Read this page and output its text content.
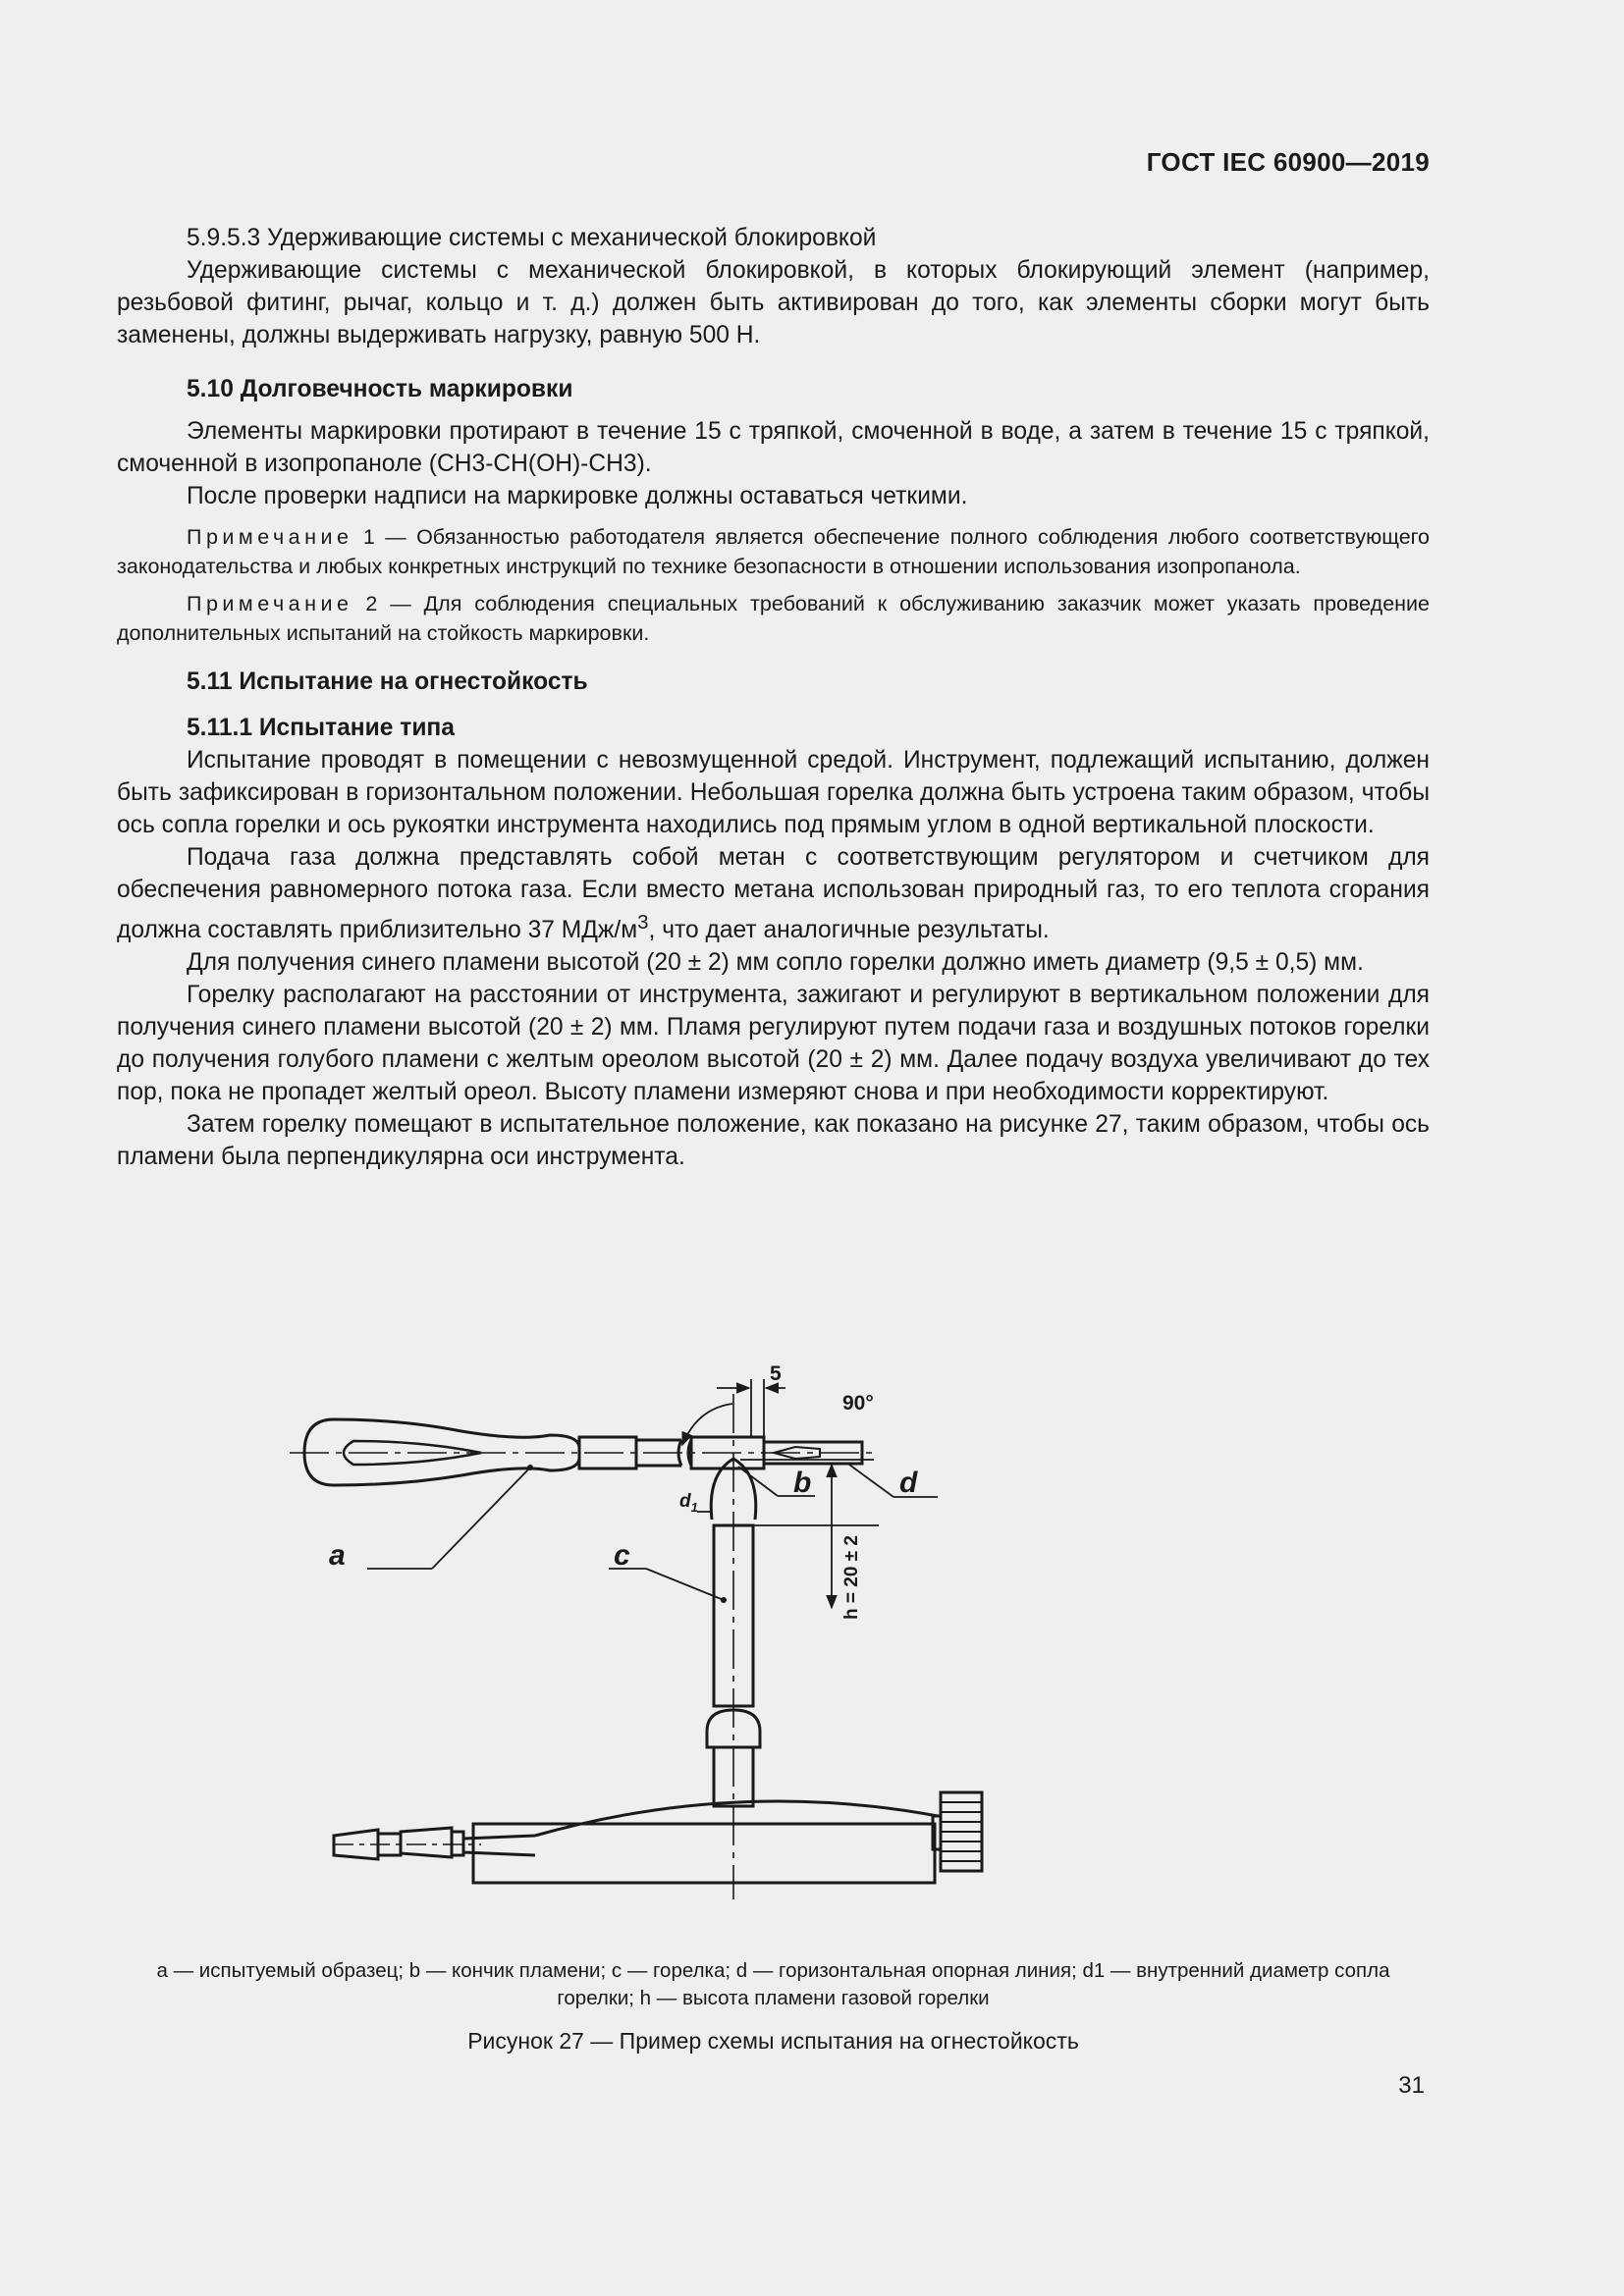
ГОСТ IEC 60900—2019

5.9.5.3 Удерживающие системы с механической блокировкой

Удерживающие системы с механической блокировкой, в которых блокирующий элемент (например, резьбовой фитинг, рычаг, кольцо и т. д.) должен быть активирован до того, как элементы сборки могут быть заменены, должны выдерживать нагрузку, равную 500 Н.

5.10 Долговечность маркировки

Элементы маркировки протирают в течение 15 с тряпкой, смоченной в воде, а затем в течение 15 с тряпкой, смоченной в изопропаноле (СН3-СН(ОН)-СН3).

После проверки надписи на маркировке должны оставаться четкими.

Примечание 1 — Обязанностью работодателя является обеспечение полного соблюдения любого соответствующего законодательства и любых конкретных инструкций по технике безопасности в отношении использования изопропанола.

Примечание 2 — Для соблюдения специальных требований к обслуживанию заказчик может указать проведение дополнительных испытаний на стойкость маркировки.

5.11 Испытание на огнестойкость

5.11.1 Испытание типа

Испытание проводят в помещении с невозмущенной средой. Инструмент, подлежащий испытанию, должен быть зафиксирован в горизонтальном положении. Небольшая горелка должна быть устроена таким образом, чтобы ось сопла горелки и ось рукоятки инструмента находились под прямым углом в одной вертикальной плоскости.

Подача газа должна представлять собой метан с соответствующим регулятором и счетчиком для обеспечения равномерного потока газа. Если вместо метана использован природный газ, то его теплота сгорания должна составлять приблизительно 37 МДж/$м^3$, что дает аналогичные результаты.

Для получения синего пламени высотой (20 ± 2) мм сопло горелки должно иметь диаметр (9,5 ± 0,5) мм.

Горелку располагают на расстоянии от инструмента, зажигают и регулируют в вертикальном положении для получения синего пламени высотой (20 ± 2) мм. Пламя регулируют путем подачи газа и воздушных потоков горелки до получения голубого пламени с желтым ореолом высотой (20 ± 2) мм. Далее подачу воздуха увеличивают до тех пор, пока не пропадет желтый ореол. Высоту пламени измеряют снова и при необходимости корректируют.

Затем горелку помещают в испытательное положение, как показано на рисунке 27, таким образом, чтобы ось пламени была перпендикулярна оси инструмента.

90°
5
a
b
c
d
$d_1$
h = 20 ± 2
a — испытуемый образец; b — кончик пламени; c — горелка; d — горизонтальная опорная линия; d1 — внутренний диаметр сопла
горелки; h — высота пламени газовой горелки
Рисунок 27 — Пример схемы испытания на огнестойкость
31
